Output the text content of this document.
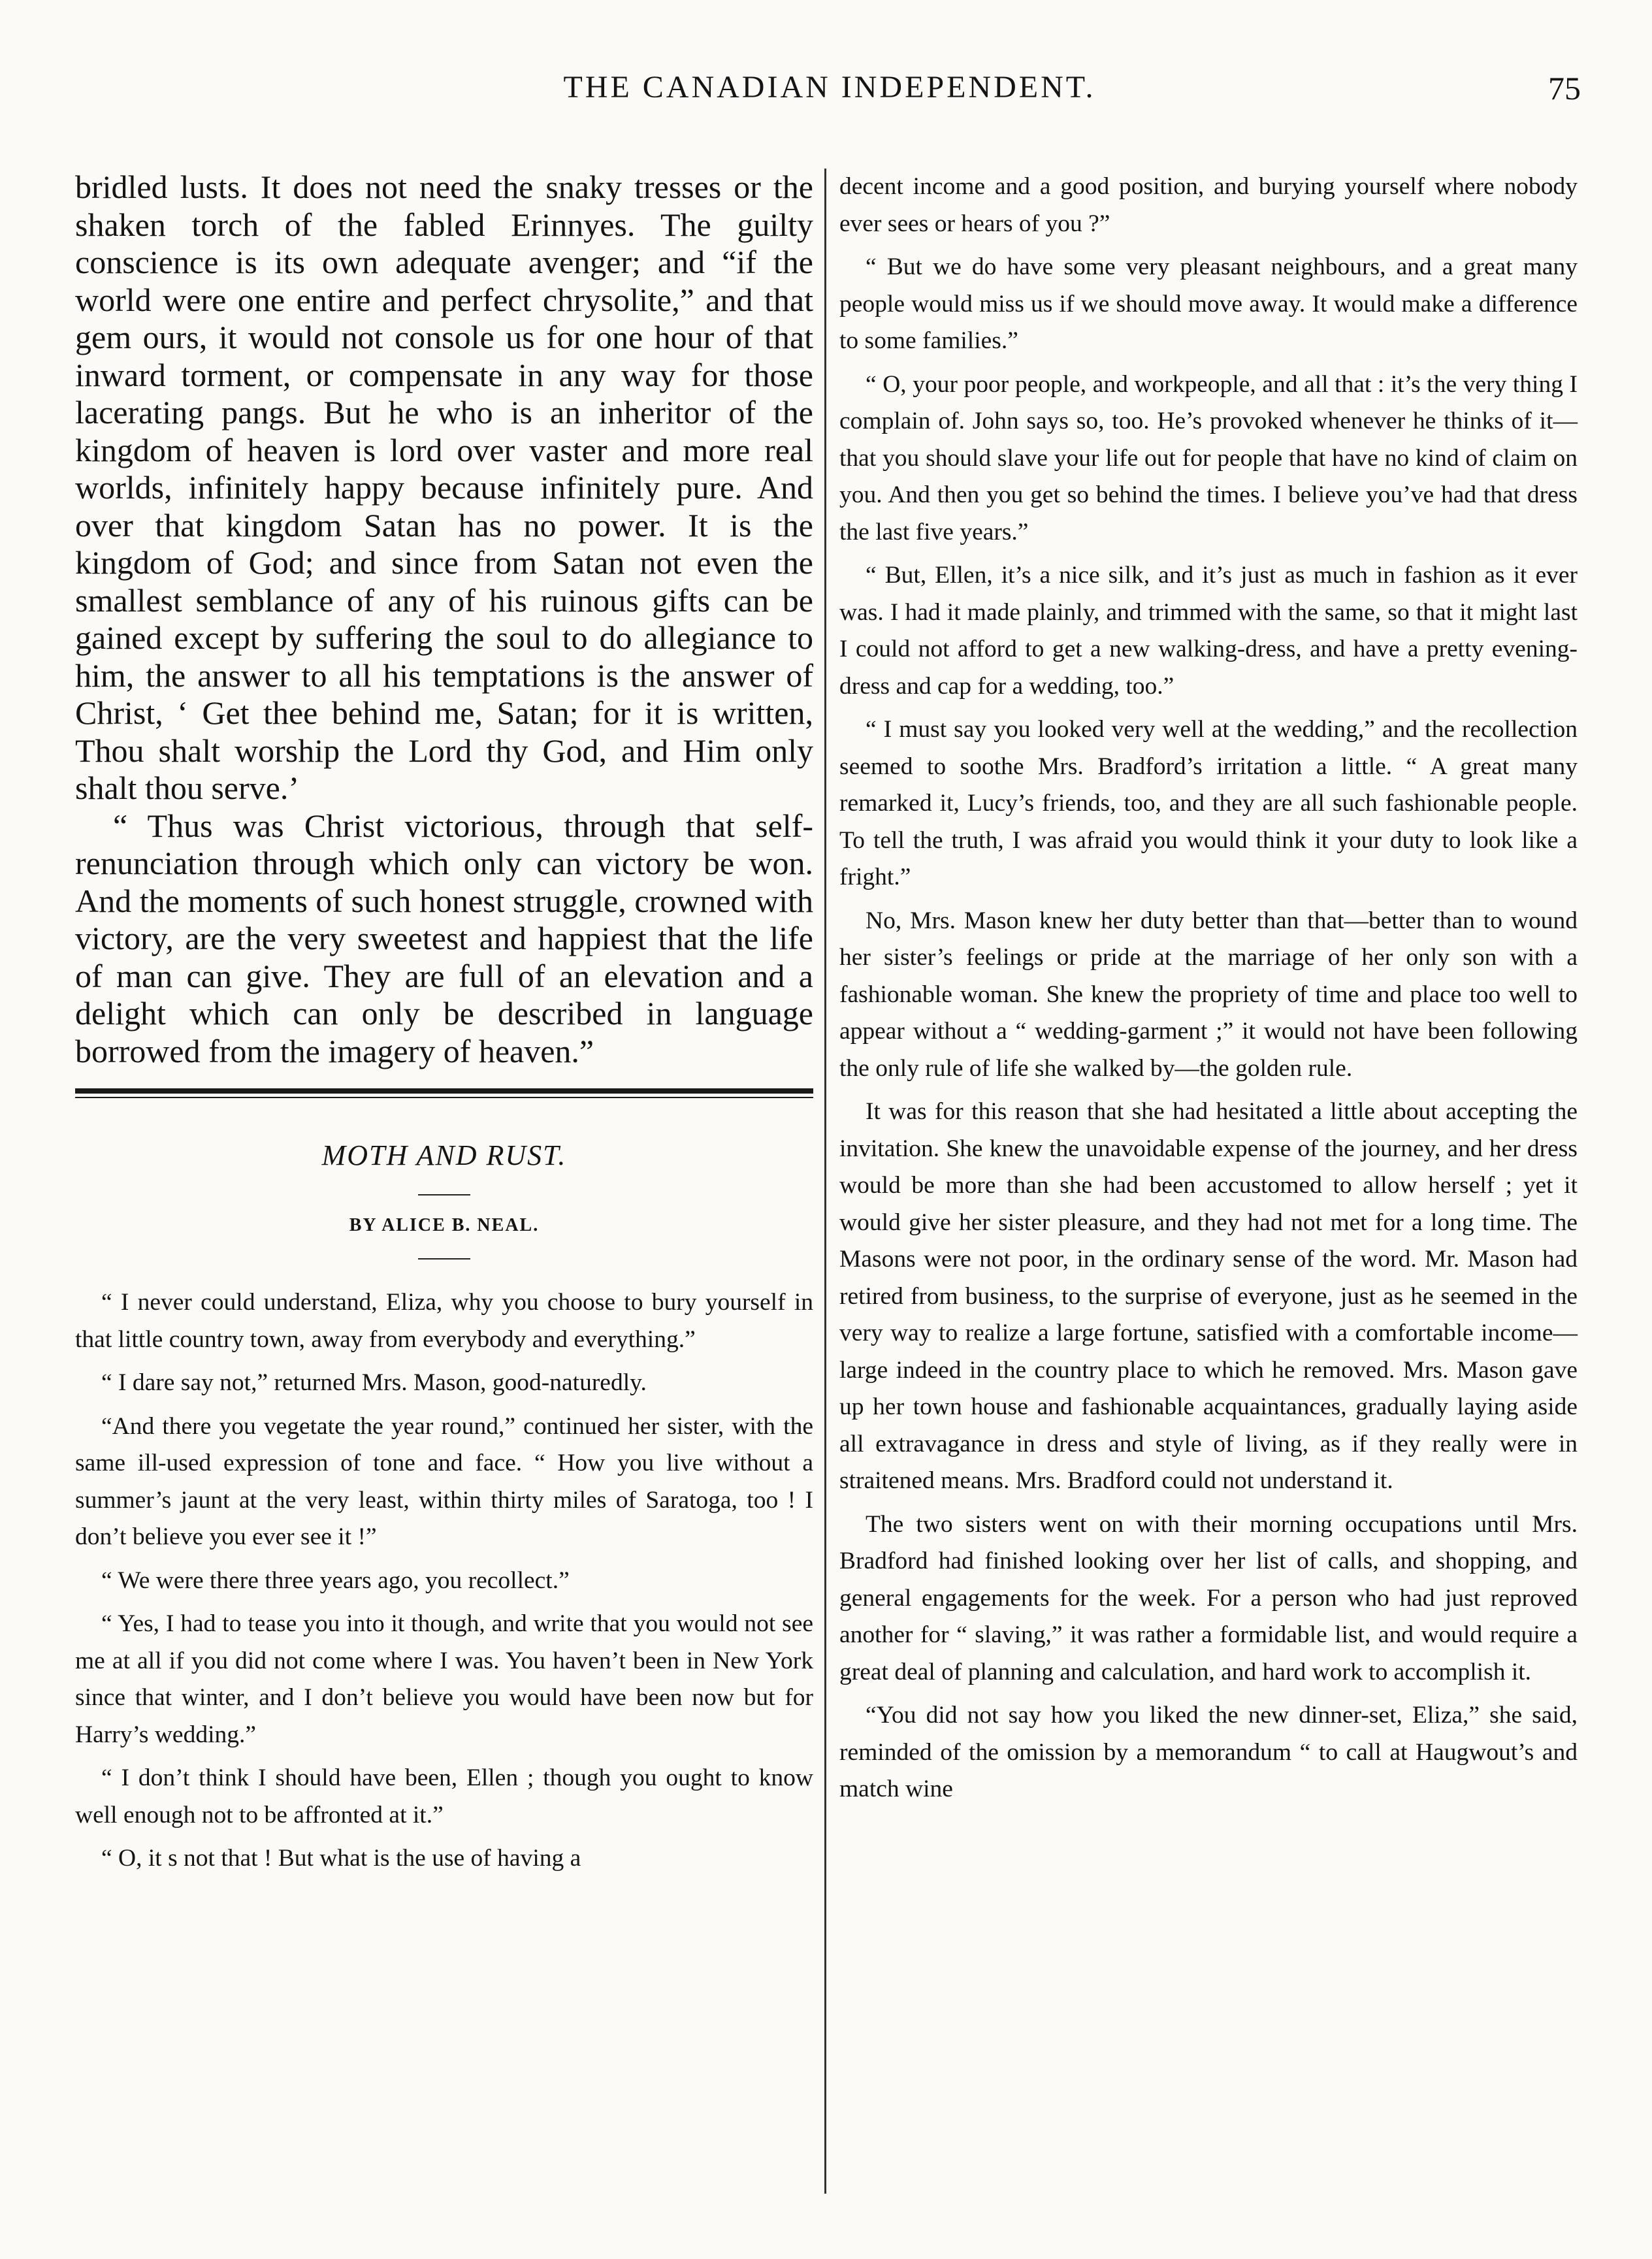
THE CANADIAN INDEPENDENT.	75

bridled lusts. It does not need the snaky tresses or the shaken torch of the fabled Erinnyes. The guilty conscience is its own adequate avenger; and “if the world were one entire and perfect chrysolite,” and that gem ours, it would not console us for one hour of that inward torment, or compensate in any way for those lacerating pangs. But he who is an inheritor of the kingdom of heaven is lord over vaster and more real worlds, infinitely happy because infinitely pure. And over that kingdom Satan has no power. It is the kingdom of God; and since from Satan not even the smallest semblance of any of his ruinous gifts can be gained except by suffering the soul to do allegiance to him, the answer to all his temptations is the answer of Christ, ‘ Get thee behind me, Satan; for it is written, Thou shalt worship the Lord thy God, and Him only shalt thou serve.’

“ Thus was Christ victorious, through that self-renunciation through which only can victory be won. And the moments of such honest struggle, crowned with victory, are the very sweetest and happiest that the life of man can give. They are full of an elevation and a delight which can only be described in language borrowed from the imagery of heaven.”

MOTH AND RUST.
BY ALICE B. NEAL.

“ I never could understand, Eliza, why you choose to bury yourself in that little country town, away from everybody and everything.”

“ I dare say not,” returned Mrs. Mason, good-naturedly.

“And there you vegetate the year round,” continued her sister, with the same ill-used expression of tone and face. “ How you live without a summer’s jaunt at the very least, within thirty miles of Saratoga, too ! I don’t believe you ever see it !”

“ We were there three years ago, you recollect.”

“ Yes, I had to tease you into it though, and write that you would not see me at all if you did not come where I was. You haven’t been in New York since that winter, and I don’t believe you would have been now but for Harry’s wedding.”

“ I don’t think I should have been, Ellen ; though you ought to know well enough not to be affronted at it.”

“ O, it s not that ! But what is the use of having a

decent income and a good position, and burying yourself where nobody ever sees or hears of you ?”

“ But we do have some very pleasant neighbours, and a great many people would miss us if we should move away. It would make a difference to some families.”

“ O, your poor people, and workpeople, and all that : it’s the very thing I complain of. John says so, too. He’s provoked whenever he thinks of it—that you should slave your life out for people that have no kind of claim on you. And then you get so behind the times. I believe you’ve had that dress the last five years.”

“ But, Ellen, it’s a nice silk, and it’s just as much in fashion as it ever was. I had it made plainly, and trimmed with the same, so that it might last I could not afford to get a new walking-dress, and have a pretty evening-dress and cap for a wedding, too.”

“ I must say you looked very well at the wedding,” and the recollection seemed to soothe Mrs. Bradford’s irritation a little. “ A great many remarked it, Lucy’s friends, too, and they are all such fashionable people. To tell the truth, I was afraid you would think it your duty to look like a fright.”

No, Mrs. Mason knew her duty better than that—better than to wound her sister’s feelings or pride at the marriage of her only son with a fashionable woman. She knew the propriety of time and place too well to appear without a “ wedding-garment ;” it would not have been following the only rule of life she walked by—the golden rule.

It was for this reason that she had hesitated a little about accepting the invitation. She knew the unavoidable expense of the journey, and her dress would be more than she had been accustomed to allow herself ; yet it would give her sister pleasure, and they had not met for a long time. The Masons were not poor, in the ordinary sense of the word. Mr. Mason had retired from business, to the surprise of everyone, just as he seemed in the very way to realize a large fortune, satisfied with a comfortable income—large indeed in the country place to which he removed. Mrs. Mason gave up her town house and fashionable acquaintances, gradually laying aside all extravagance in dress and style of living, as if they really were in straitened means. Mrs. Bradford could not understand it.

The two sisters went on with their morning occupations until Mrs. Bradford had finished looking over her list of calls, and shopping, and general engagements for the week. For a person who had just reproved another for “ slaving,” it was rather a formidable list, and would require a great deal of planning and calculation, and hard work to accomplish it.

“You did not say how you liked the new dinner-set, Eliza,” she said, reminded of the omission by a memorandum “ to call at Haugwout’s and match wine
